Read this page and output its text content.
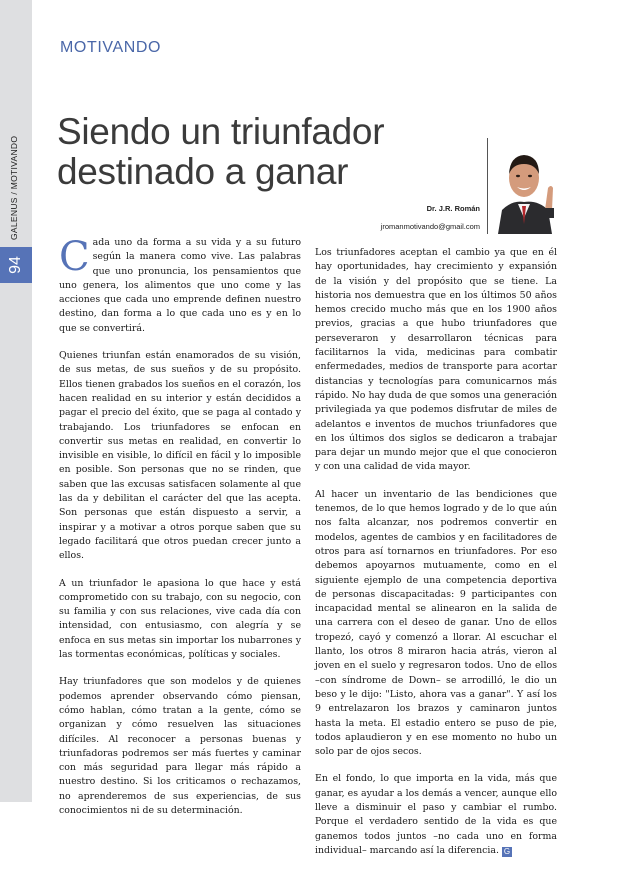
GALENUS / MOTIVANDO
94
MOTIVANDO
Siendo un triunfador destinado a ganar
Dr. J.R. Román
jromanmotivando@gmail.com

Cada uno da forma a su vida y a su futuro según la manera como vive. Las palabras que uno pronuncia, los pensamientos que uno genera, los alimentos que uno come y las acciones que cada uno emprende definen nuestro destino, dan forma a lo que cada uno es y en lo que se convertirá.

Quienes triunfan están enamorados de su visión, de sus metas, de sus sueños y de su propósito. Ellos tienen grabados los sueños en el corazón, los hacen realidad en su interior y están decididos a pagar el precio del éxito, que se paga al contado y trabajando. Los triunfadores se enfocan en convertir sus metas en realidad, en convertir lo invisible en visible, lo difícil en fácil y lo imposible en posible. Son personas que no se rinden, que saben que las excusas satisfacen solamente al que las da y debilitan el carácter del que las acepta. Son personas que están dispuesto a servir, a inspirar y a motivar a otros porque saben que su legado facilitará que otros puedan crecer junto a ellos.

A un triunfador le apasiona lo que hace y está comprometido con su trabajo, con su negocio, con su familia y con sus relaciones, vive cada día con intensidad, con entusiasmo, con alegría y se enfoca en sus metas sin importar los nubarrones y las tormentas económicas, políticas y sociales.

Hay triunfadores que son modelos y de quienes podemos aprender observando cómo piensan, cómo hablan, cómo tratan a la gente, cómo se organizan y cómo resuelven las situaciones difíciles. Al reconocer a personas buenas y triunfadoras podremos ser más fuertes y caminar con más seguridad para llegar más rápido a nuestro destino. Si los criticamos o rechazamos, no aprenderemos de sus experiencias, de sus conocimientos ni de su determinación.

Los triunfadores aceptan el cambio ya que en él hay oportunidades, hay crecimiento y expansión de la visión y del propósito que se tiene. La historia nos demuestra que en los últimos 50 años hemos crecido mucho más que en los 1900 años previos, gracias a que hubo triunfadores que perseveraron y desarrollaron técnicas para facilitarnos la vida, medicinas para combatir enfermedades, medios de transporte para acortar distancias y tecnologías para comunicarnos más rápido. No hay duda de que somos una generación privilegiada ya que podemos disfrutar de miles de adelantos e inventos de muchos triunfadores que en los últimos dos siglos se dedicaron a trabajar para dejar un mundo mejor que el que conocieron y con una calidad de vida mayor.

Al hacer un inventario de las bendiciones que tenemos, de lo que hemos logrado y de lo que aún nos falta alcanzar, nos podremos convertir en modelos, agentes de cambios y en facilitadores de otros para así tornarnos en triunfadores. Por eso debemos apoyarnos mutuamente, como en el siguiente ejemplo de una competencia deportiva de personas discapacitadas: 9 participantes con incapacidad mental se alinearon en la salida de una carrera con el deseo de ganar. Uno de ellos tropezó, cayó y comenzó a llorar. Al escuchar el llanto, los otros 8 miraron hacia atrás, vieron al joven en el suelo y regresaron todos. Uno de ellos –con síndrome de Down– se arrodilló, le dio un beso y le dijo: "Listo, ahora vas a ganar". Y así los 9 entrelazaron los brazos y caminaron juntos hasta la meta. El estadio entero se puso de pie, todos aplaudieron y en ese momento no hubo un solo par de ojos secos.

En el fondo, lo que importa en la vida, más que ganar, es ayudar a los demás a vencer, aunque ello lleve a disminuir el paso y cambiar el rumbo. Porque el verdadero sentido de la vida es que ganemos todos juntos –no cada uno en forma individual– marcando así la diferencia. G
